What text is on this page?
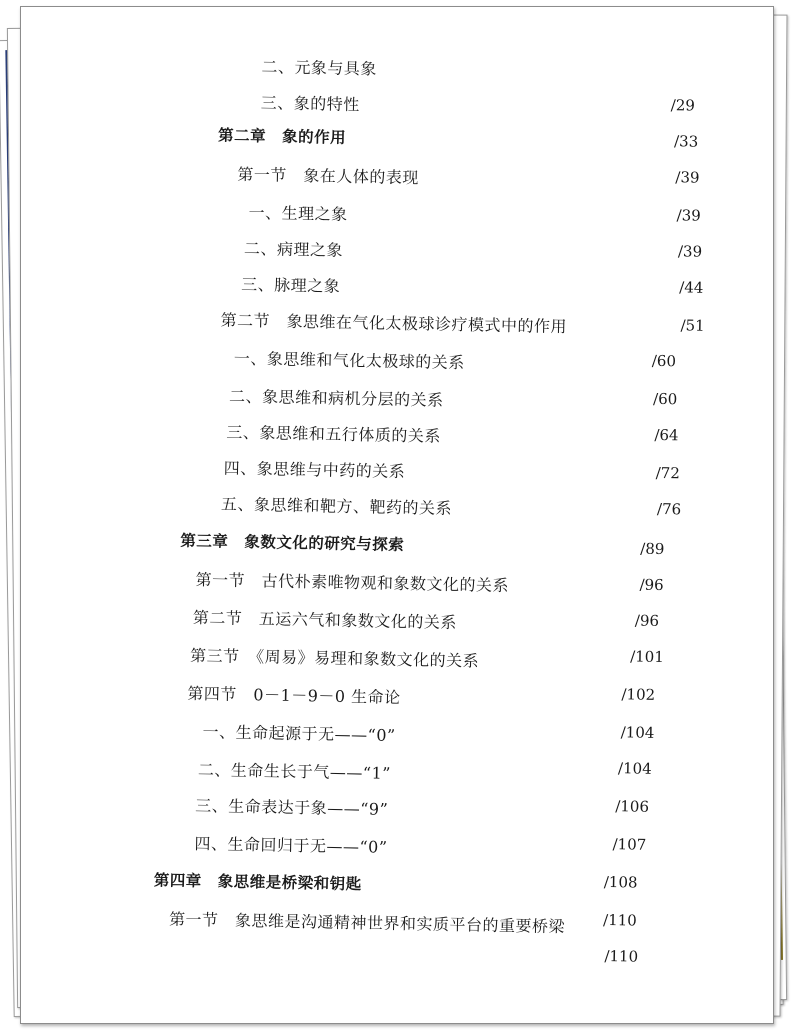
二、元象与具象
三、象的特性	/29
第二章　象的作用	/33
第一节　象在人体的表现	/39
一、生理之象	/39
二、病理之象	/39
三、脉理之象	/44
第二节　象思维在气化太极球诊疗模式中的作用	/51
一、象思维和气化太极球的关系	/60
二、象思维和病机分层的关系	/60
三、象思维和五行体质的关系	/64
四、象思维与中药的关系	/72
五、象思维和靶方、靶药的关系	/76
第三章　象数文化的研究与探索	/89
第一节　古代朴素唯物观和象数文化的关系	/96
第二节　五运六气和象数文化的关系	/96
第三节　《周易》易理和象数文化的关系	/101
第四节　0－1－9－0 生命论	/102
一、生命起源于无——“0”	/104
二、生命生长于气——“1”	/104
三、生命表达于象——“9”	/106
四、生命回归于无——“0”	/107
第四章　象思维是桥梁和钥匙	/108
第一节　象思维是沟通精神世界和实质平台的重要桥梁	/110
/110
